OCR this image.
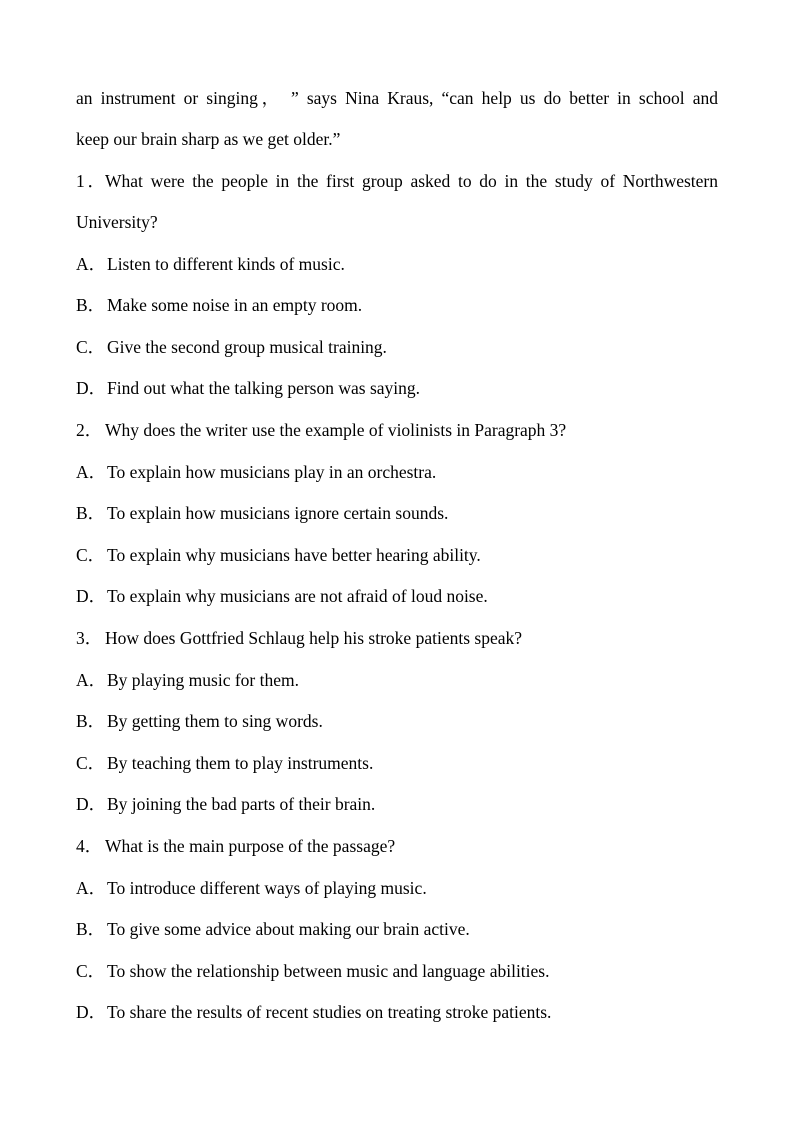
an instrument or singing， ” says Nina Kraus, “can help us do better in school and
keep our brain sharp as we get older.”
1．What were the people in the first group asked to do in the study of Northwestern
University?
A．Listen to different kinds of music.
B． Make some noise in an empty room.
C． Give the second group musical training.
D．Find out what the talking person was saying.
2． Why does the writer use the example of violinists in Paragraph 3?
A．To explain how musicians play in an orchestra.
B． To explain how musicians ignore certain sounds.
C． To explain why musicians have better hearing ability.
D．To explain why musicians are not afraid of loud noise.
3． How does Gottfried Schlaug help his stroke patients speak?
A．By playing music for them.
B． By getting them to sing words.
C． By teaching them to play instruments.
D．By joining the bad parts of their brain.
4． What is the main purpose of the passage?
A．To introduce different ways of playing music.
B． To give some advice about making our brain active.
C． To show the relationship between music and language abilities.
D．To share the results of recent studies on treating stroke patients.
